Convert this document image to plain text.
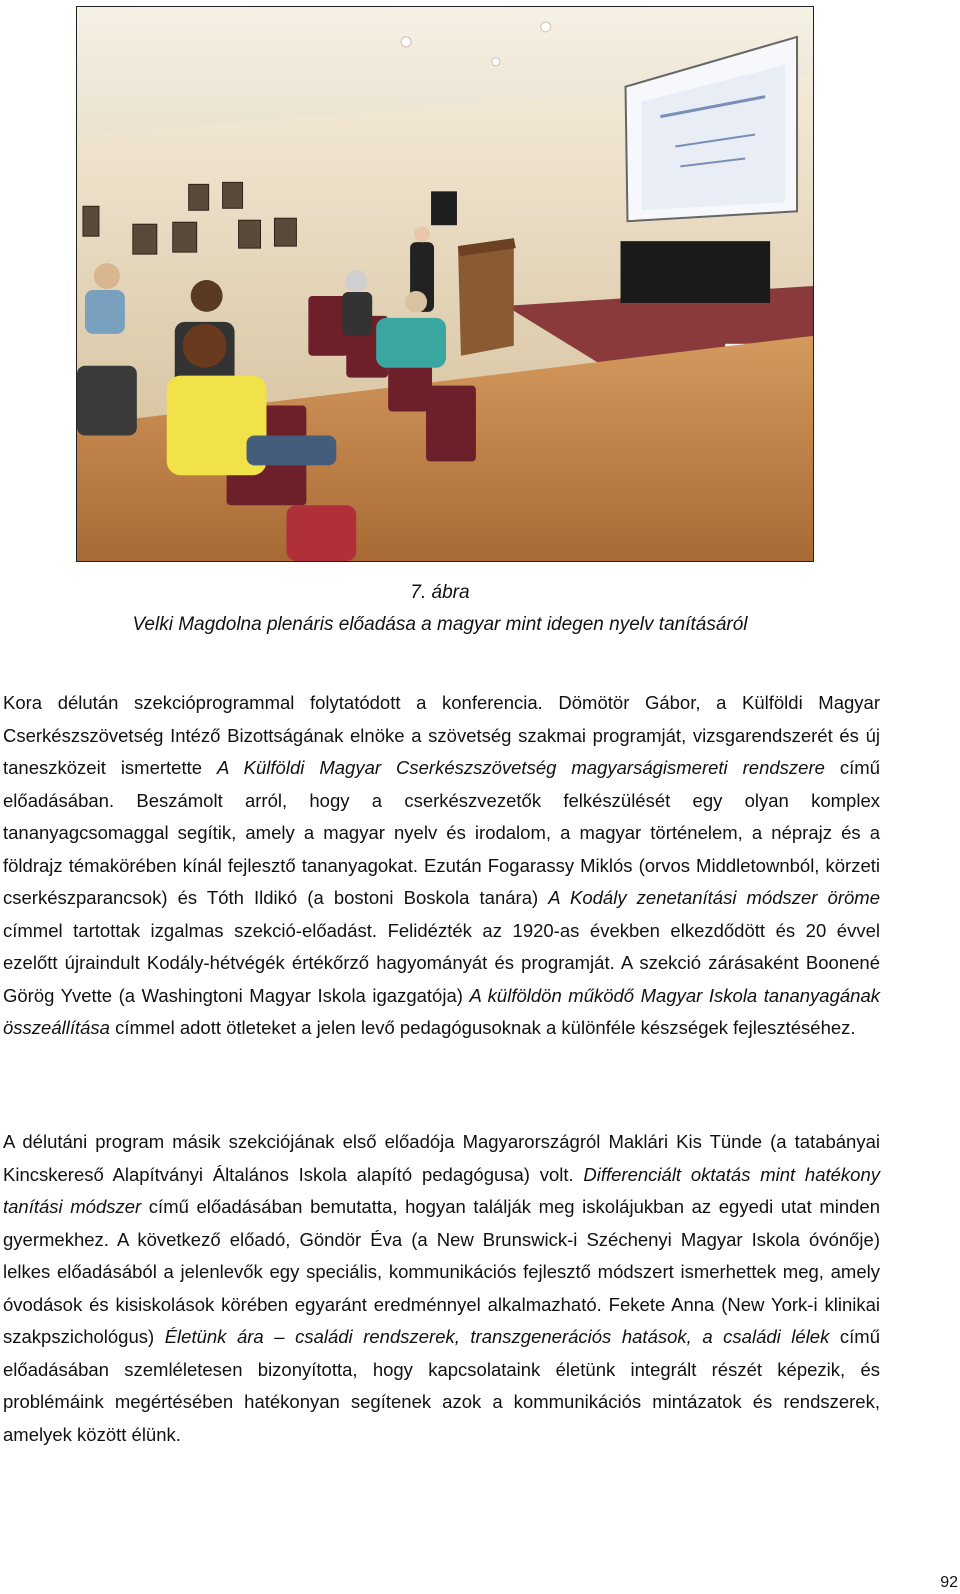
7. ábra
Velki Magdolna plenáris előadása a magyar mint idegen nyelv tanításáról

Kora délután szekcióprogrammal folytatódott a konferencia. Dömötör Gábor, a Külföldi Magyar Cserkészszövetség Intéző Bizottságának elnöke a szövetség szakmai programját, vizsgarendszerét és új taneszközeit ismertette A Külföldi Magyar Cserkészszövetség magyarságismereti rendszere című előadásában. Beszámolt arról, hogy a cserkészvezetők felkészülését egy olyan komplex tananyagcsomaggal segítik, amely a magyar nyelv és irodalom, a magyar történelem, a néprajz és a földrajz témakörében kínál fejlesztő tananyagokat. Ezután Fogarassy Miklós (orvos Middletownból, körzeti cserkészparancsok) és Tóth Ildikó (a bostoni Boskola tanára) A Kodály zenetanítási módszer öröme címmel tartottak izgalmas szekció-előadást. Felidézték az 1920-as években elkezdődött és 20 évvel ezelőtt újraindult Kodály-hétvégék értékőrző hagyományát és programját. A szekció zárásaként Boonené Görög Yvette (a Washingtoni Magyar Iskola igazgatója) A külföldön működő Magyar Iskola tananyagának összeállítása címmel adott ötleteket a jelen levő pedagógusoknak a különféle készségek fejlesztéséhez.

A délutáni program másik szekciójának első előadója Magyarországról Maklári Kis Tünde (a tatabányai Kincskereső Alapítványi Általános Iskola alapító pedagógusa) volt. Differenciált oktatás mint hatékony tanítási módszer című előadásában bemutatta, hogyan találják meg iskolájukban az egyedi utat minden gyermekhez. A következő előadó, Göndör Éva (a New Brunswick-i Széchenyi Magyar Iskola óvónője) lelkes előadásából a jelenlevők egy speciális, kommunikációs fejlesztő módszert ismerhettek meg, amely óvodások és kisiskolások körében egyaránt eredménnyel alkalmazható. Fekete Anna (New York-i klinikai szakpszichológus) Életünk ára – családi rendszerek, transzgenerációs hatások, a családi lélek című előadásában szemléletesen bizonyította, hogy kapcsolataink életünk integrált részét képezik, és problémáink megértésében hatékonyan segítenek azok a kommunikációs mintázatok és rendszerek, amelyek között élünk.

92
